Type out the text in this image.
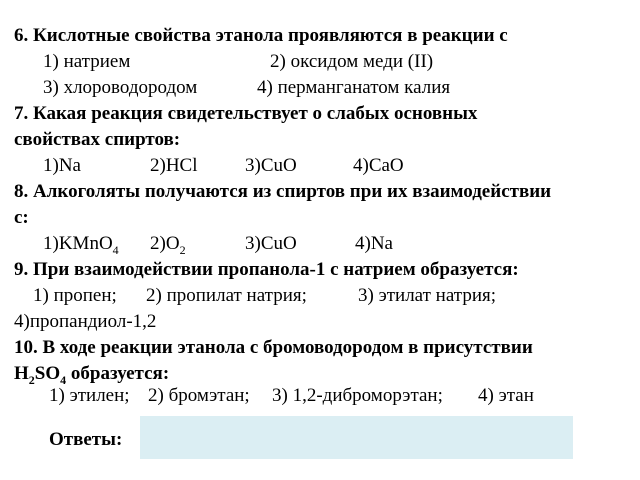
6. Кислотные свойства этанола проявляются в реакции с
1) натрием	2) оксидом меди (II)
3) хлороводородом	4) перманганатом калия
7. Какая реакция свидетельствует о слабых основных
свойствах спиртов:
1)Na	2)HCl	3)CuO	4)CaO
8. Алкоголяты получаются из спиртов при их взаимодействии
с:
1)KMnO$_4$ $2)O_2$	3)CuO	4)Na
9. При взаимодействии пропанола-1 с натрием образуется:
1) пропен; 2) пропилат натрия;	3) этилат натрия;
4)пропандиол-1,2
10. В ходе реакции этанола с бромоводородом в присутствии
$H_2SO_4$ образуется:
1) этилен; 2) бромэтан; 3) 1,2-диброморэтан; 4) этан
Ответы:
